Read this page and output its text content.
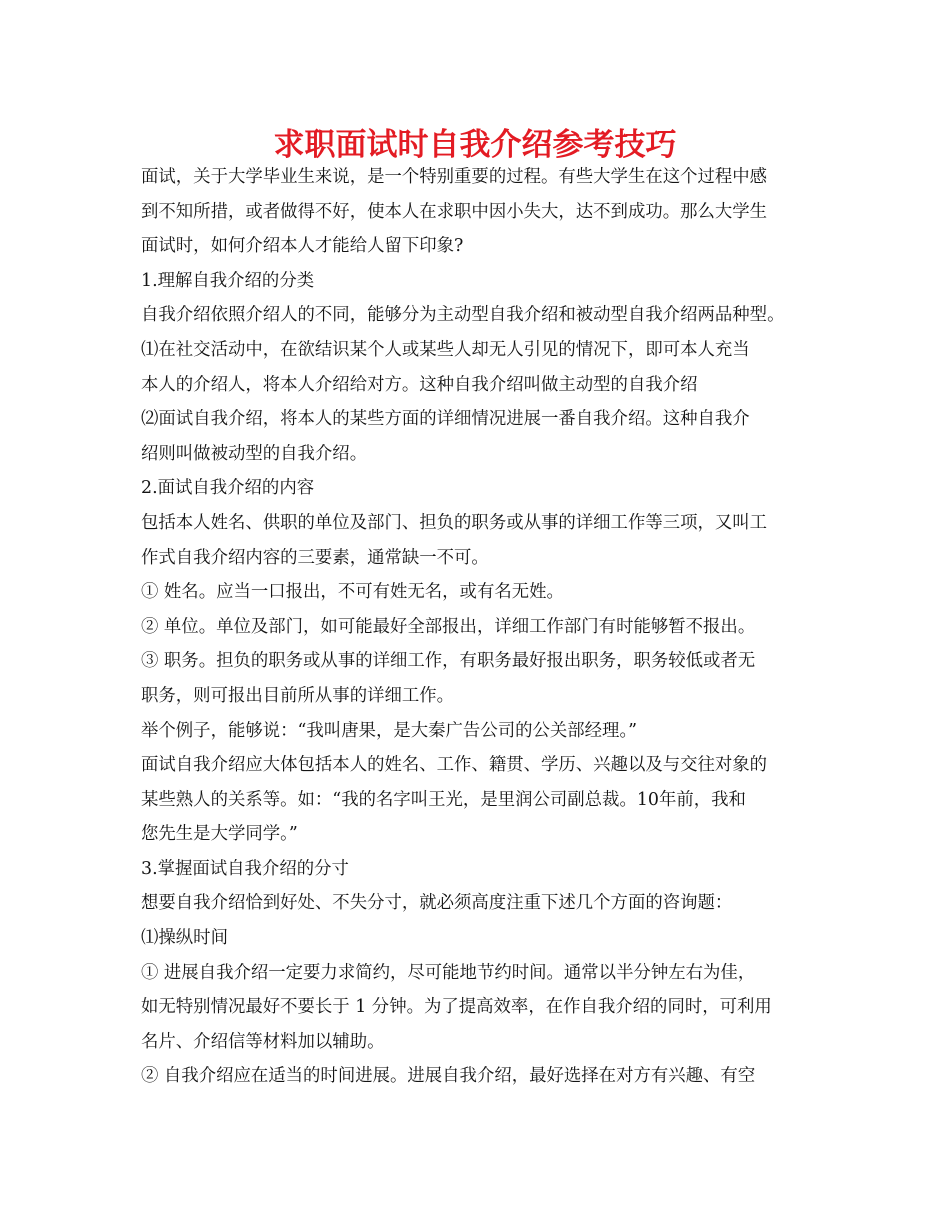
求职面试时自我介绍参考技巧
面试，关于大学毕业生来说，是一个特别重要的过程。有些大学生在这个过程中感
到不知所措，或者做得不好，使本人在求职中因小失大，达不到成功。那么大学生
面试时，如何介绍本人才能给人留下印象?
1.理解自我介绍的分类
自我介绍依照介绍人的不同，能够分为主动型自我介绍和被动型自我介绍两品种型。
⑴在社交活动中，在欲结识某个人或某些人却无人引见的情况下，即可本人充当
本人的介绍人，将本人介绍给对方。这种自我介绍叫做主动型的自我介绍
⑵面试自我介绍，将本人的某些方面的详细情况进展一番自我介绍。这种自我介
绍则叫做被动型的自我介绍。
2.面试自我介绍的内容
包括本人姓名、供职的单位及部门、担负的职务或从事的详细工作等三项，又叫工
作式自我介绍内容的三要素，通常缺一不可。
① 姓名。应当一口报出，不可有姓无名，或有名无姓。
② 单位。单位及部门，如可能最好全部报出，详细工作部门有时能够暂不报出。
③ 职务。担负的职务或从事的详细工作，有职务最好报出职务，职务较低或者无
职务，则可报出目前所从事的详细工作。
举个例子，能够说：“我叫唐果，是大秦广告公司的公关部经理。”
面试自我介绍应大体包括本人的姓名、工作、籍贯、学历、兴趣以及与交往对象的
某些熟人的关系等。如：“我的名字叫王光，是里润公司副总裁。10年前，我和
您先生是大学同学。”
3.掌握面试自我介绍的分寸
想要自我介绍恰到好处、不失分寸，就必须高度注重下述几个方面的咨询题：
⑴操纵时间
① 进展自我介绍一定要力求简约，尽可能地节约时间。通常以半分钟左右为佳，
如无特别情况最好不要长于 1 分钟。为了提高效率，在作自我介绍的同时，可利用
名片、介绍信等材料加以辅助。
② 自我介绍应在适当的时间进展。进展自我介绍，最好选择在对方有兴趣、有空
